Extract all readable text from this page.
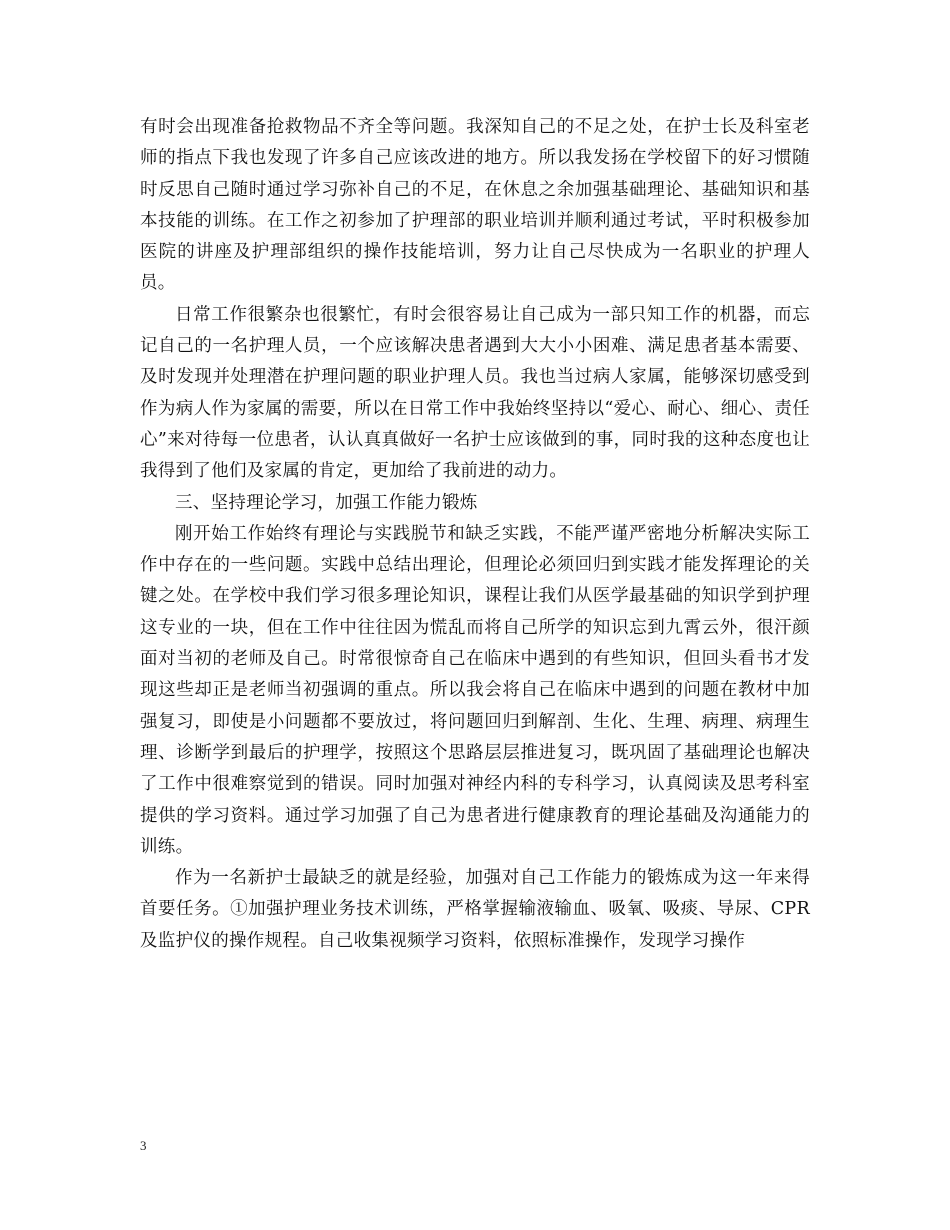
有时会出现准备抢救物品不齐全等问题。我深知自己的不足之处，在护士长及科室老师的指点下我也发现了许多自己应该改进的地方。所以我发扬在学校留下的好习惯随时反思自己随时通过学习弥补自己的不足，在休息之余加强基础理论、基础知识和基本技能的训练。在工作之初参加了护理部的职业培训并顺利通过考试，平时积极参加医院的讲座及护理部组织的操作技能培训，努力让自己尽快成为一名职业的护理人员。

日常工作很繁杂也很繁忙，有时会很容易让自己成为一部只知工作的机器，而忘记自己的一名护理人员，一个应该解决患者遇到大大小小困难、满足患者基本需要、及时发现并处理潜在护理问题的职业护理人员。我也当过病人家属，能够深切感受到作为病人作为家属的需要，所以在日常工作中我始终坚持以“爱心、耐心、细心、责任心”来对待每一位患者，认认真真做好一名护士应该做到的事，同时我的这种态度也让我得到了他们及家属的肯定，更加给了我前进的动力。

三、坚持理论学习，加强工作能力锻炼

刚开始工作始终有理论与实践脱节和缺乏实践，不能严谨严密地分析解决实际工作中存在的一些问题。实践中总结出理论，但理论必须回归到实践才能发挥理论的关键之处。在学校中我们学习很多理论知识，课程让我们从医学最基础的知识学到护理这专业的一块，但在工作中往往因为慌乱而将自己所学的知识忘到九霄云外，很汗颜面对当初的老师及自己。时常很惊奇自己在临床中遇到的有些知识，但回头看书才发现这些却正是老师当初强调的重点。所以我会将自己在临床中遇到的问题在教材中加强复习，即使是小问题都不要放过，将问题回归到解剖、生化、生理、病理、病理生理、诊断学到最后的护理学，按照这个思路层层推进复习，既巩固了基础理论也解决了工作中很难察觉到的错误。同时加强对神经内科的专科学习，认真阅读及思考科室提供的学习资料。通过学习加强了自己为患者进行健康教育的理论基础及沟通能力的训练。

作为一名新护士最缺乏的就是经验，加强对自己工作能力的锻炼成为这一年来得首要任务。①加强护理业务技术训练，严格掌握输液输血、吸氧、吸痰、导尿、CPR及监护仪的操作规程。自己收集视频学习资料，依照标准操作，发现学习操作

3
